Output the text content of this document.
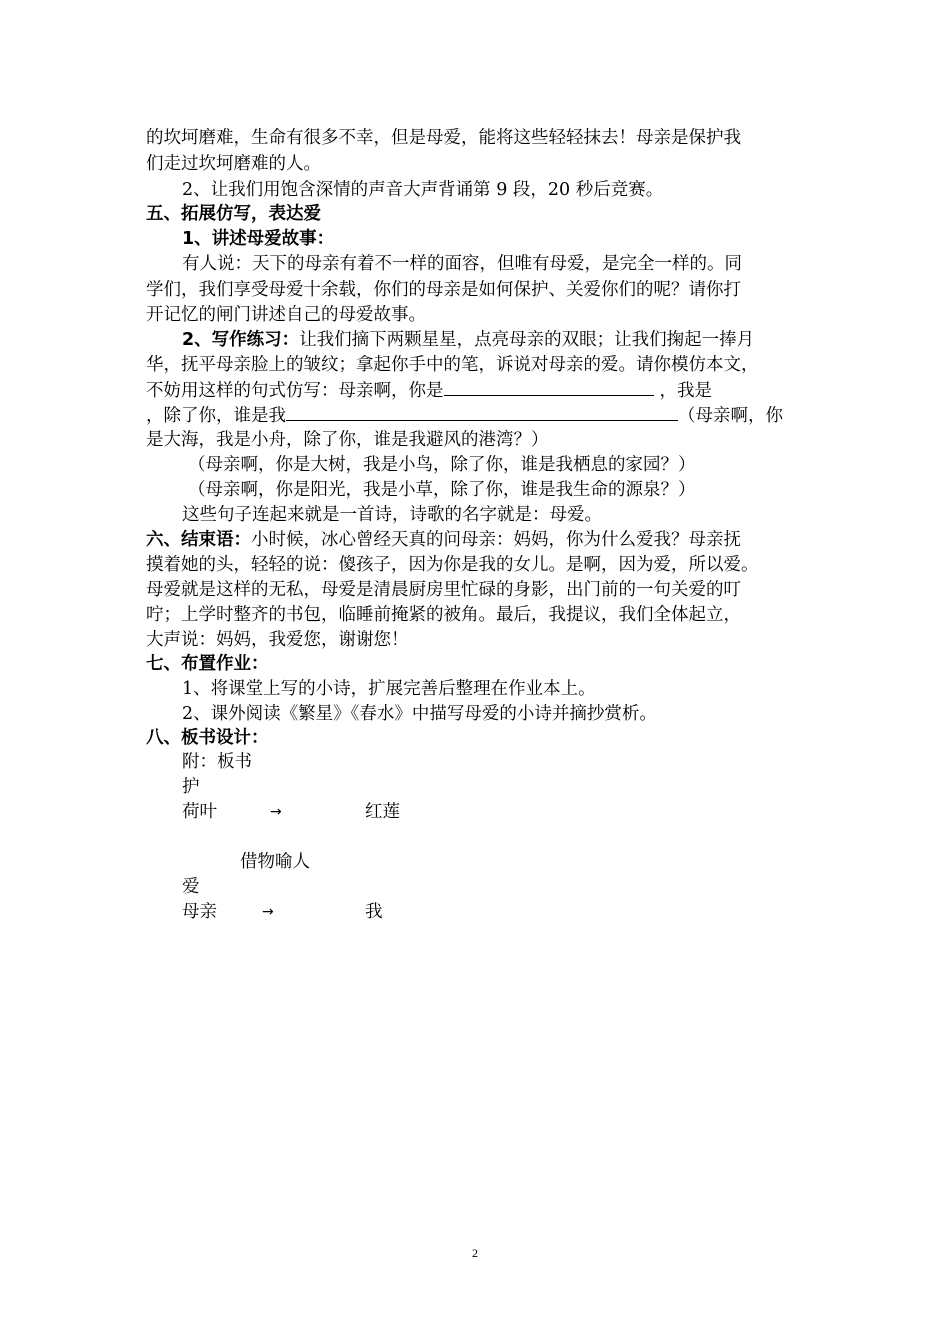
的坎坷磨难，生命有很多不幸，但是母爱，能将这些轻轻抹去！母亲是保护我
们走过坎坷磨难的人。
2、让我们用饱含深情的声音大声背诵第 9 段，20 秒后竞赛。
五、拓展仿写，表达爱
1、讲述母爱故事：
有人说：天下的母亲有着不一样的面容，但唯有母爱，是完全一样的。同
学们，我们享受母爱十余载，你们的母亲是如何保护、关爱你们的呢？请你打
开记忆的闸门讲述自己的母爱故事。
2、写作练习：让我们摘下两颗星星，点亮母亲的双眼；让我们掬起一捧月
华，抚平母亲脸上的皱纹；拿起你手中的笔，诉说对母亲的爱。请你模仿本文，
不妨用这样的句式仿写：母亲啊，你是	，我是
，除了你，谁是我	（母亲啊，你
是大海，我是小舟，除了你，谁是我避风的港湾？）
（母亲啊，你是大树，我是小鸟，除了你，谁是我栖息的家园？）
（母亲啊，你是阳光，我是小草，除了你，谁是我生命的源泉？）
这些句子连起来就是一首诗，诗歌的名字就是：母爱。
六、结束语：小时候，冰心曾经天真的问母亲：妈妈，你为什么爱我？母亲抚
摸着她的头，轻轻的说：傻孩子，因为你是我的女儿。是啊，因为爱，所以爱。
母爱就是这样的无私，母爱是清晨厨房里忙碌的身影，出门前的一句关爱的叮
咛；上学时整齐的书包，临睡前掩紧的被角。最后，我提议，我们全体起立，
大声说：妈妈，我爱您，谢谢您！
七、布置作业：
1、将课堂上写的小诗，扩展完善后整理在作业本上。
2、课外阅读《繁星》《春水》中描写母爱的小诗并摘抄赏析。
八、板书设计：
附：板书
护
荷叶	→	红莲
借物喻人
爱
母亲	→	我
2
